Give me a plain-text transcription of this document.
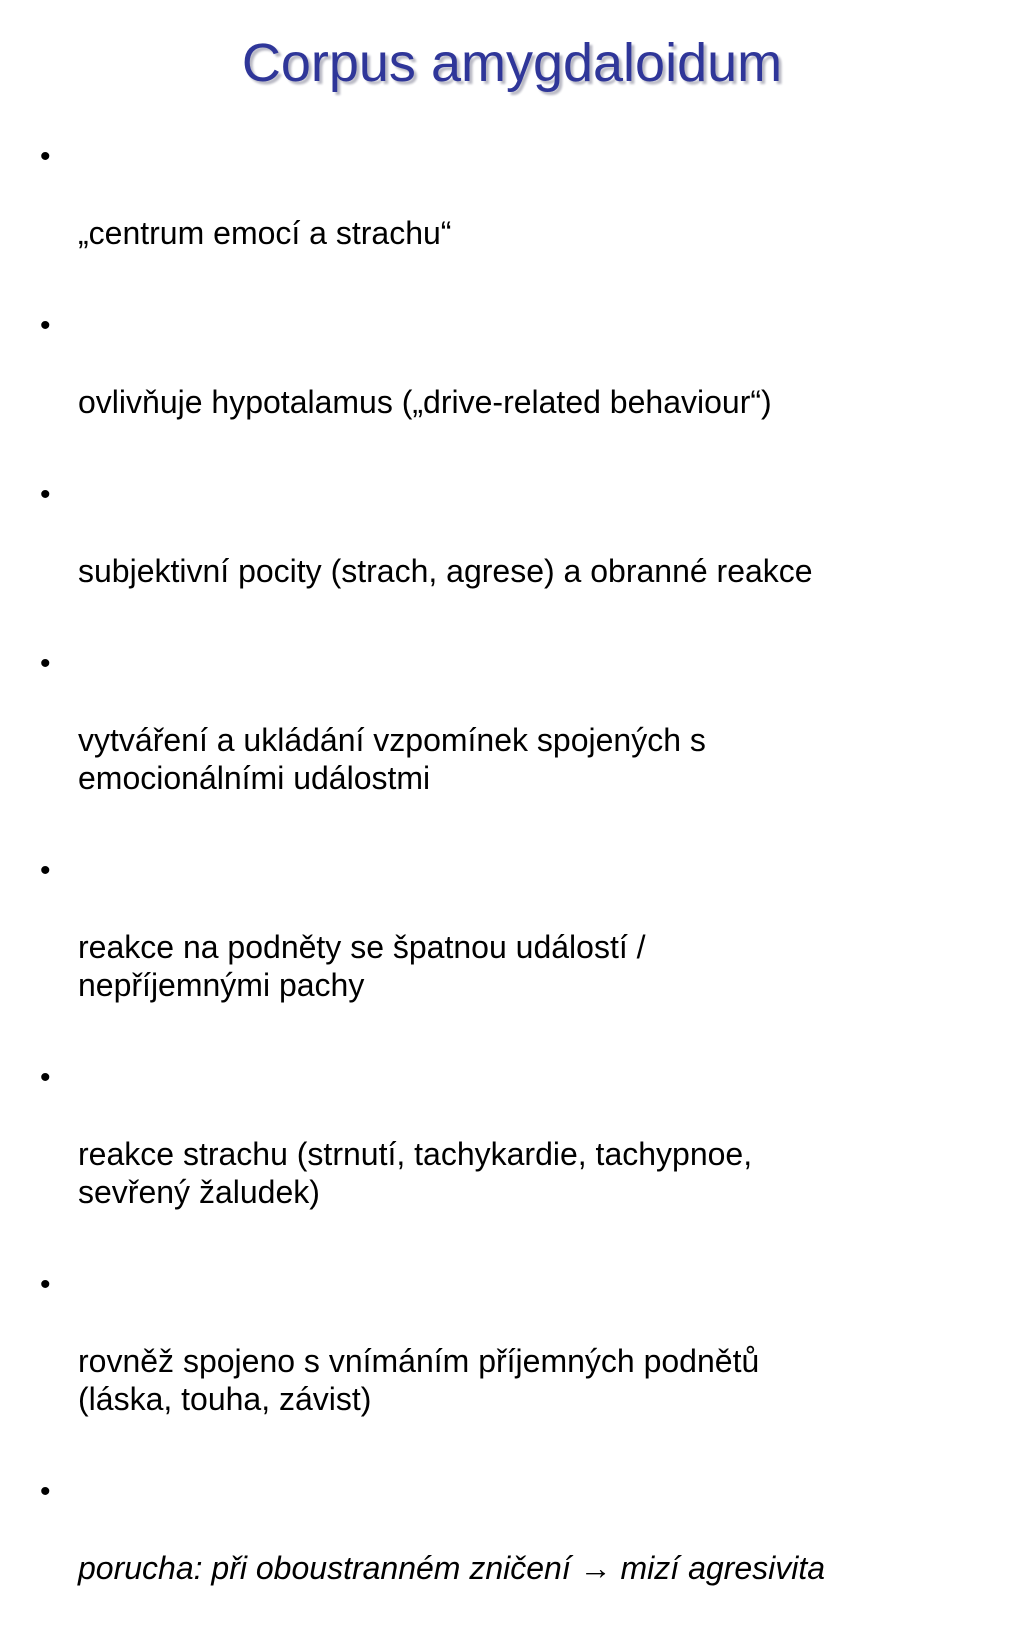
Corpus amygdaloidum

•

„centrum emocí a strachu“

•

ovlivňuje hypotalamus („drive-related behaviour“)

•

subjektivní pocity (strach, agrese) a obranné reakce

•

vytváření a ukládání vzpomínek spojených s
emocionálními událostmi

•

reakce na podněty se špatnou událostí /
nepříjemnými pachy

•

reakce strachu (strnutí, tachykardie, tachypnoe,
sevřený žaludek)

•

rovněž spojeno s vnímáním příjemných podnětů
(láska, touha, závist)

•

porucha: při oboustranném zničení → mizí agresivita
